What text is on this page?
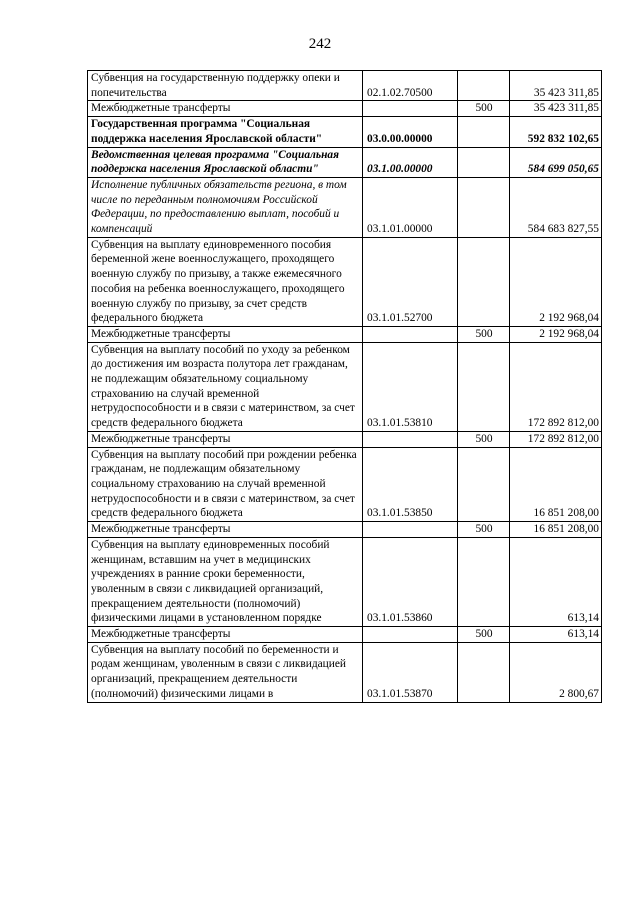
242
Субвенция на государственную поддержку опеки и попечительства	02.1.02.70500		35 423 311,85
Межбюджетные трансферты		500	35 423 311,85
Государственная программа "Социальная поддержка населения Ярославской области"	03.0.00.00000		592 832 102,65
Ведомственная целевая программа "Социальная поддержка населения Ярославской области"	03.1.00.00000		584 699 050,65
Исполнение публичных обязательств региона, в том числе по переданным полномочиям Российской Федерации, по предоставлению выплат, пособий и компенсаций	03.1.01.00000		584 683 827,55
Субвенция на выплату единовременного пособия беременной жене военнослужащего, проходящего военную службу по призыву, а также ежемесячного пособия на ребенка военнослужащего, проходящего военную службу по призыву, за счет средств федерального бюджета	03.1.01.52700		2 192 968,04
Межбюджетные трансферты		500	2 192 968,04
Субвенция на выплату пособий по уходу за ребенком до достижения им возраста полутора лет гражданам, не подлежащим обязательному социальному страхованию на случай временной нетрудоспособности и в связи с материнством, за счет средств федерального бюджета	03.1.01.53810		172 892 812,00
Межбюджетные трансферты		500	172 892 812,00
Субвенция на выплату пособий при рождении ребенка гражданам, не подлежащим обязательному социальному страхованию на случай временной нетрудоспособности и в связи с материнством, за счет средств федерального бюджета	03.1.01.53850		16 851 208,00
Межбюджетные трансферты		500	16 851 208,00
Субвенция на выплату единовременных пособий женщинам, вставшим на учет в медицинских учреждениях в ранние сроки беременности, уволенным в связи с ликвидацией организаций, прекращением деятельности (полномочий) физическими лицами в установленном порядке	03.1.01.53860		613,14
Межбюджетные трансферты		500	613,14
Субвенция на выплату пособий по беременности и родам женщинам, уволенным в связи с ликвидацией организаций, прекращением деятельности (полномочий) физическими лицами в	03.1.01.53870		2 800,67
